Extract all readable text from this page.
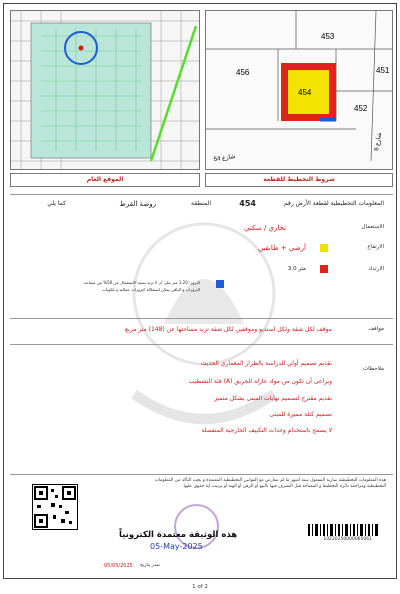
454
453
456	451
452
شارع 54
شارع 6
الموقع العام	شروط التخطيط للقطعة
المعلومات التخطيطية لقطعة الأرض رقم
454
المنطقة
روضة القرط
كما يلي
الاستعمال
تجاري / سكني
الارتفاع
أرضي + طابقين
الارتداد
3.0 متر
البروز: 1.20 متر على أن لا تزيد نسبة الاستعمال عن 50% من مساحة
البروزات و الباقي يمكن استغلاله كبروزات جمالية و بلكونات
مواقف
موقف لكل شقة ولكل استديو وموقفين لكل شقة تزيد مساحتها عن (148) متر مربع
ملاحظات
تقديم تصميم أولي للدراسة بالطراز المعماري الحديث
فئة التشطيب (A) ويراعى أن تكون من مواد عازلة للحريق
تقديم مقترح لتصميم نهايات المبنى بشكل متميز
تصميم كتلة مميزة للمبنى
لا يسمح باستخدام وحدات التكييف الخارجية المنفصلة
هذه المعلومات التخطيطية سارية المفعول ستة أشهر ما لم تتعارض مع القوانين التخطيطية المعتمدة و يجب التأكد من المعلومات التخطيطية ومراجعة دائرة التخطيط و المساحة قبل التصرف فيها بالبيع أو الرهن أو الهبة أو ترتيب أية حقوق عليها
10220250000065061
هذه الوثيقة معتمدة الكترونياً
05-May-2025
صدر بتاريخ
05/05/2025
1 of 2
